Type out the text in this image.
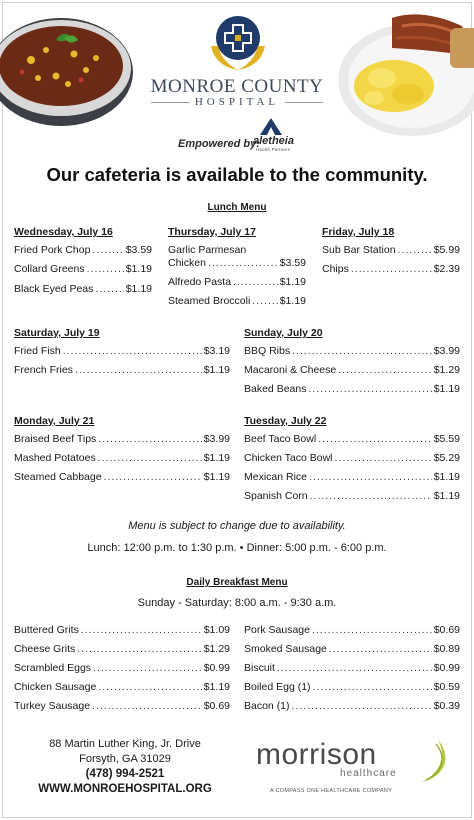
MONROE COUNTY
HOSPITAL
Empowered by:
aletheia
Health Partners
Our cafeteria is available to the community.
Lunch Menu
Wednesday, July 16
Fried Pork Chop .....	$3.59
Collard Greens .....	$1.19
Black Eyed Peas .....	$1.19
Thursday, July 17
Garlic Parmesan
Chicken .....	$3.59
Alfredo Pasta .....	$1.19
Steamed Broccoli .....	$1.19
Friday, July 18
Sub Bar Station .....	$5.99
Chips .....	$2.39
Saturday, July 19
Fried Fish .....	$3.19
French Fries .....	$1.19
Sunday, July 20
BBQ Ribs .....	$3.99
Macaroni & Cheese .....	$1.29
Baked Beans .....	$1.19
Monday, July 21
Braised Beef Tips .....	$3.99
Mashed Potatoes .....	$1.19
Steamed Cabbage .....	$1.19
Tuesday, July 22
Beef Taco Bowl .....	$5.59
Chicken Taco Bowl .....	$5.29
Mexican Rice .....	$1.19
Spanish Corn .....	$1.19
Menu is subject to change due to availability.
Lunch: 12:00 p.m. to 1:30 p.m. • Dinner: 5:00 p.m. - 6:00 p.m.
Daily Breakfast Menu
Sunday - Saturday: 8:00 a.m. - 9:30 a.m.
Buttered Grits .....	$1.09
Cheese Grits .....	$1.29
Scrambled Eggs .....	$0.99
Chicken Sausage .....	$1.19
Turkey Sausage .....	$0.69
Pork Sausage .....	$0.69
Smoked Sausage .....	$0.89
Biscuit .....	$0.99
Boiled Egg (1) .....	$0.59
Bacon (1) .....	$0.39
88 Martin Luther King, Jr. Drive
Forsyth, GA 31029
(478) 994-2521
WWW.MONROEHOSPITAL.ORG
morrison
healthcare
A COMPASS ONE HEALTHCARE COMPANY
